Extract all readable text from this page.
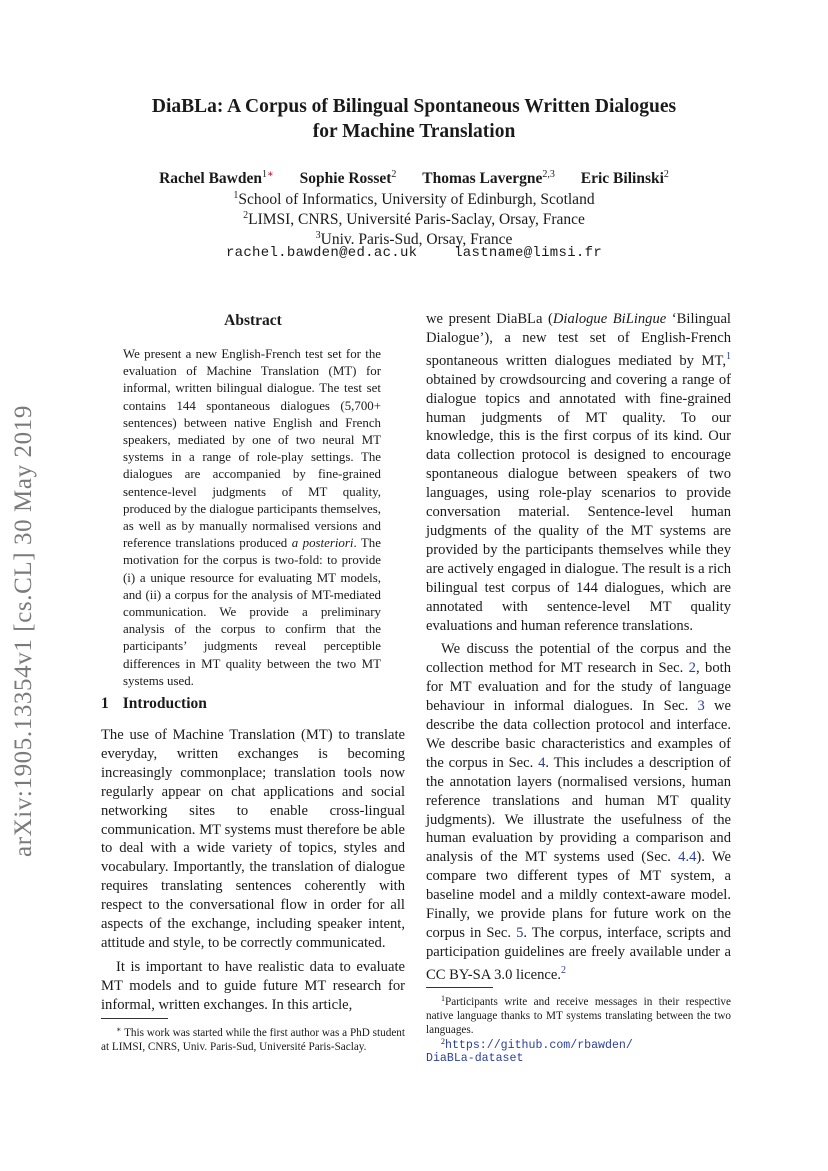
DiaBLa: A Corpus of Bilingual Spontaneous Written Dialogues
for Machine Translation
Rachel Bawden$^{1∗}$ Sophie Rosset$^2$ Thomas Lavergne$^{2,3}$ Eric Bilinski$^2$
$^1$School of Informatics, University of Edinburgh, Scotland
$^2$LIMSI, CNRS, Université Paris-Saclay, Orsay, France
$^3$Univ. Paris-Sud, Orsay, France
rachel.bawden@ed.ac.uk	lastname@limsi.fr
arXiv:1905.13354v1 [cs.CL] 30 May 2019
Abstract
We present a new English-French test set for the evaluation of Machine Translation (MT) for informal, written bilingual dialogue. The test set contains 144 spontaneous dialogues (5,700+ sentences) between native English and French speakers, mediated by one of two neural MT systems in a range of role-play settings. The dialogues are accompanied by fine-grained sentence-level judgments of MT quality, produced by the dialogue participants themselves, as well as by manually normalised versions and reference translations produced a posteriori. The motivation for the corpus is two-fold: to provide (i) a unique resource for evaluating MT models, and (ii) a corpus for the analysis of MT-mediated communication. We provide a preliminary analysis of the corpus to confirm that the participants’ judgments reveal perceptible differences in MT quality between the two MT systems used.
1 Introduction

The use of Machine Translation (MT) to translate everyday, written exchanges is becoming increasingly commonplace; translation tools now regularly appear on chat applications and social networking sites to enable cross-lingual communication. MT systems must therefore be able to deal with a wide variety of topics, styles and vocabulary. Importantly, the translation of dialogue requires translating sentences coherently with respect to the conversational flow in order for all aspects of the exchange, including speaker intent, attitude and style, to be correctly communicated.

It is important to have realistic data to evaluate MT models and to guide future MT research for informal, written exchanges. In this article,

∗ This work was started while the first author was a PhD student at LIMSI, CNRS, Univ. Paris-Sud, Université Paris-Saclay.

we present DiaBLa (Dialogue BiLingue ‘Bilingual Dialogue’), a new test set of English-French spontaneous written dialogues mediated by MT,$^1$ obtained by crowdsourcing and covering a range of dialogue topics and annotated with fine-grained human judgments of MT quality. To our knowledge, this is the first corpus of its kind. Our data collection protocol is designed to encourage spontaneous dialogue between speakers of two languages, using role-play scenarios to provide conversation material. Sentence-level human judgments of the quality of the MT systems are provided by the participants themselves while they are actively engaged in dialogue. The result is a rich bilingual test corpus of 144 dialogues, which are annotated with sentence-level MT quality evaluations and human reference translations.

We discuss the potential of the corpus and the collection method for MT research in Sec. 2, both for MT evaluation and for the study of language behaviour in informal dialogues. In Sec. 3 we describe the data collection protocol and interface. We describe basic characteristics and examples of the corpus in Sec. 4. This includes a description of the annotation layers (normalised versions, human reference translations and human MT quality judgments). We illustrate the usefulness of the human evaluation by providing a comparison and analysis of the MT systems used (Sec. 4.4). We compare two different types of MT system, a baseline model and a mildly context-aware model. Finally, we provide plans for future work on the corpus in Sec. 5. The corpus, interface, scripts and participation guidelines are freely available under a CC BY-SA 3.0 licence.$^2$

$^1$Participants write and receive messages in their respective native language thanks to MT systems translating between the two languages.
$^2$https://github.com/rbawden/
DiaBLa-dataset
